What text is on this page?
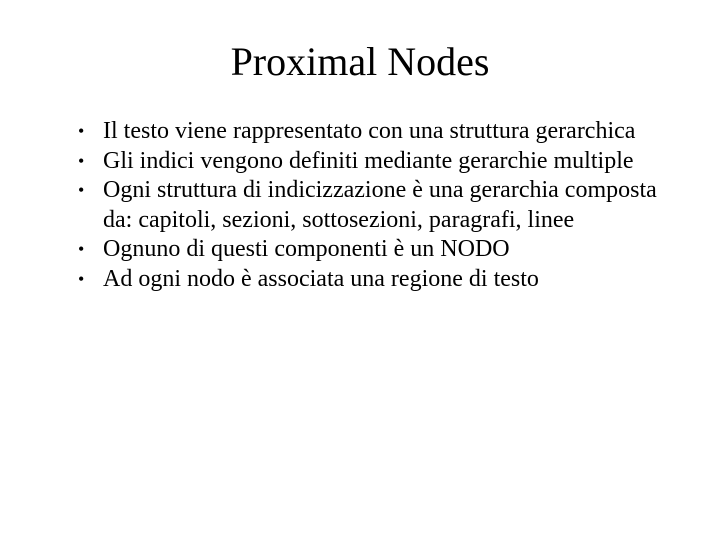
Proximal Nodes
• Il testo viene rappresentato con una struttura gerarchica
• Gli indici vengono definiti mediante gerarchie multiple
• Ogni struttura di indicizzazione è una gerarchia composta da: capitoli, sezioni, sottosezioni, paragrafi, linee
• Ognuno di questi componenti è un NODO
• Ad ogni nodo è associata una regione di testo
